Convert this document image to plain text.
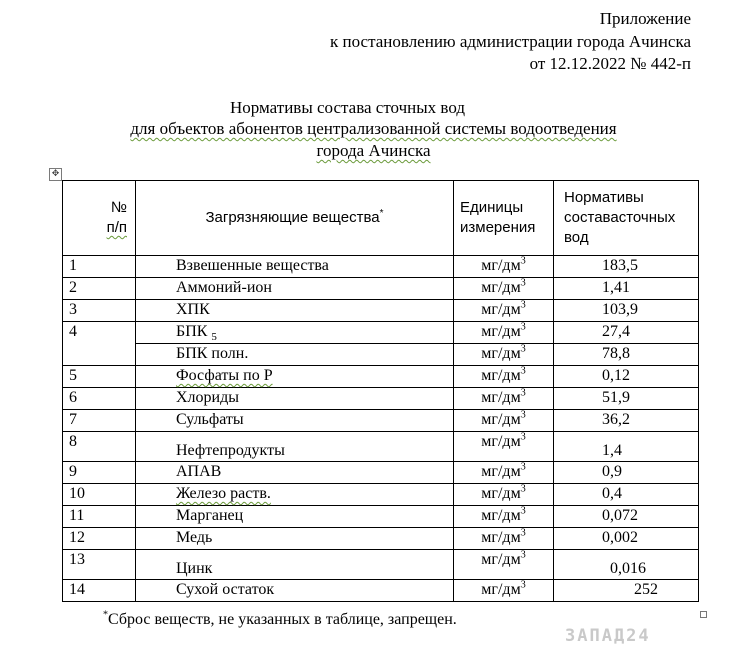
Приложение
к постановлению администрации города Ачинска
от 12.12.2022 № 442-п
Нормативы состава сточных вод
для объектов абонентов централизованной системы водоотведения
города Ачинска
✥
№
п/п	Загрязняющие вещества*	Единицы измерения	Нормативы составасточных вод
1	Взвешенные вещества	$мг/дм^3$	183,5
2	Аммоний-ион	$мг/дм^3$	1,41
3	ХПК	$мг/дм^3$	103,9
4	БПК $_5$	$мг/дм^3$	27,4
	БПК полн.	$мг/дм^3$	78,8
5	Фосфаты по Р	$мг/дм^3$	0,12
6	Хлориды	$мг/дм^3$	51,9
7	Сульфаты	$мг/дм^3$	36,2
8	Нефтепродукты	$мг/дм^3$	1,4
9	АПАВ	$мг/дм^3$	0,9
10	Железо раств.	$мг/дм^3$	0,4
11	Марганец	$мг/дм^3$	0,072
12	Медь	$мг/дм^3$	0,002
13	Цинк	$мг/дм^3$	0,016
14	Сухой остаток	$мг/дм^3$	252
*Сброс веществ, не указанных в таблице, запрещен.
ЗАПАД24
